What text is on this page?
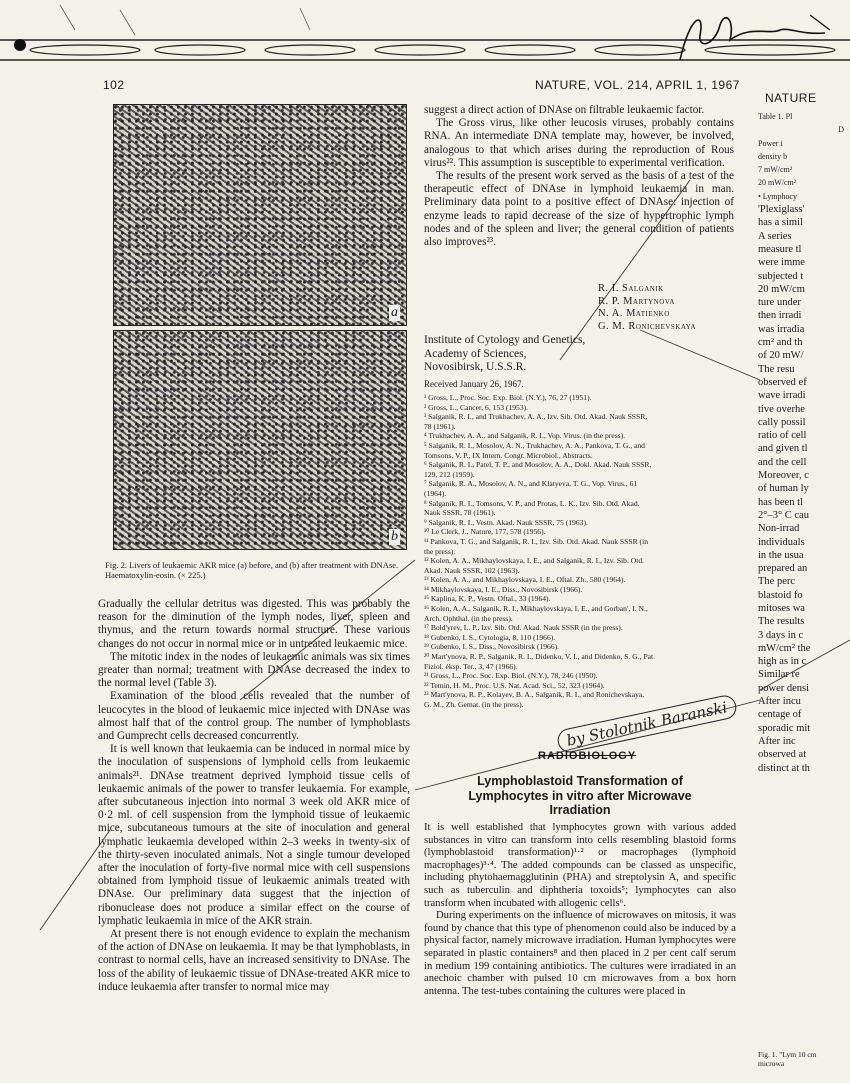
102	NATURE, VOL. 214, APRIL 1, 1967
NATURE
a
b
Fig. 2. Livers of leukaemic AKR mice (a) before, and (b) after treatment with DNAse. Haematoxylin-eosin. (× 225.)

Gradually the cellular detritus was digested. This was probably the reason for the diminution of the lymph nodes, liver, spleen and thymus, and the return towards normal structure. These various changes do not occur in normal mice or in untreated leukaemic mice.

The mitotic index in the nodes of leukaemic animals was six times greater than normal; treatment with DNAse decreased the index to the normal level (Table 3).

Examination of the blood cells revealed that the number of leucocytes in the blood of leukaemic mice injected with DNAse was almost half that of the control group. The number of lymphoblasts and Gumprecht cells decreased concurrently.

It is well known that leukaemia can be induced in normal mice by the inoculation of suspensions of lymphoid cells from leukaemic animals²¹. DNAse treatment deprived lymphoid tissue cells of leukaemic animals of the power to transfer leukaemia. For example, after subcutaneous injection into normal 3 week old AKR mice of 0·2 ml. of cell suspension from the lymphoid tissue of leukaemic mice, subcutaneous tumours at the site of inoculation and general lymphatic leukaemia developed within 2–3 weeks in twenty-six of the thirty-seven inoculated animals. Not a single tumour developed after the inoculation of forty-five normal mice with cell suspensions obtained from lymphoid tissue of leukaemic animals treated with DNAse. Our preliminary data suggest that the injection of ribonuclease does not produce a similar effect on the course of lymphatic leukaemia in mice of the AKR strain.

At present there is not enough evidence to explain the mechanism of the action of DNAse on leukaemia. It may be that lymphoblasts, in contrast to normal cells, have an increased sensitivity to DNAse. The loss of the ability of leukaemic tissue of DNAse-treated AKR mice to induce leukaemia after transfer to normal mice may

suggest a direct action of DNAse on filtrable leukaemic factor.

The Gross virus, like other leucosis viruses, probably contains RNA. An intermediate DNA template may, however, be involved, analogous to that which arises during the reproduction of Rous virus²². This assumption is susceptible to experimental verification.

The results of the present work served as the basis of a test of the therapeutic effect of DNAse in lymphoid leukaemia in man. Preliminary data point to a positive effect of DNAse: injection of enzyme leads to rapid decrease of the size of hypertrophic lymph nodes and of the spleen and liver; the general condition of patients also improves²³.

R. I. Salganik
R. P. Martynova
N. A. Matienko
G. M. Ronichevskaya
Institute of Cytology and Genetics,
Academy of Sciences,
Novosibirsk, U.S.S.R.
Received January 26, 1967.
¹ Gross, L., Proc. Soc. Exp. Biol. (N.Y.), 76, 27 (1951).
² Gross, L., Cancer, 6, 153 (1953).
³ Salganik, R. I., and Trukhachev, A. A., Izv. Sib. Otd. Akad. Nauk SSSR,
78 (1961).
⁴ Trukhachev, A. A., and Salganik, R. I., Vop. Virus. (in the press).
⁵ Salganik, R. I., Mosolov, A. N., Trukhachev, A. A., Pankova, T. G., and
Tomsons, V. P., IX Intern. Congr. Microbiol., Abstracts.
⁶ Salganik, R. I., Patel, T. P., and Mosolov, A. A., Dokl. Akad. Nauk SSSR,
129, 212 (1959).
⁷ Salganik, R. A., Mosolov, A. N., and Klatyeva, T. G., Vop. Virus., 61
(1964).
⁸ Salganik, R. I., Tomsons, V. P., and Protas, L. K., Izv. Sib. Otd. Akad.
Nauk SSSR, 78 (1961).
⁹ Salganik, R. I., Vestn. Akad. Nauk SSSR, 75 (1963).
¹⁰ Le Clerk, J., Nature, 177, 578 (1956).
¹¹ Pankova, T. G., and Salganik, R. I., Izv. Sib. Otd. Akad. Nauk SSSR (in
the press).
¹² Kolen, A. A., Mikhaylovskaya, I. E., and Salganik, R. I., Izv. Sib. Otd.
Akad. Nauk SSSR, 102 (1963).
¹³ Kolen, A. A., and Mikhaylovskaya, I. E., Oftal. Zh., 580 (1964).
¹⁴ Mikhaylovskaya, I. E., Diss., Novosibirsk (1966).
¹⁵ Kaplina, K. P., Vestn. Oftal., 33 (1964).
¹⁶ Kolen, A. A., Salganik, R. I., Mikhaylovskaya, I. E., and Gorban', I. N.,
Arch. Ophthal. (in the press).
¹⁷ Bold'yrev, L. P., Izv. Sib. Otd. Akad. Nauk SSSR (in the press).
¹⁸ Gubenko, I. S., Cytologia, 8, 110 (1966).
¹⁹ Gubenko, I. S., Diss., Novosibirsk (1966).
²⁰ Mart'ynova, R. P., Salganik, R. I., Didenko, V. I., and Didenko, S. G., Pat.
Fiziol. éksp. Ter., 3, 47 (1966).
²¹ Gross, L., Proc. Soc. Exp. Biol. (N.Y.), 78, 246 (1950).
²² Temin, H. M., Proc. U.S. Nat. Acad. Sci., 52, 323 (1964).
²³ Mart'ynova, R. P., Kolayev, B. A., Salganik, R. I., and Ronichevskaya,
G. M., Zh. Gemat. (in the press).	by Stolotnik Baranski
RADIOBIOLOGY
Lymphoblastoid Transformation of
Lymphocytes in vitro after Microwave
Irradiation

It is well established that lymphocytes grown with various added substances in vitro can transform into cells resembling blastoid forms (lymphoblastoid transformation)¹·² or macrophages (lymphoid macrophages)³·⁴. The added compounds can be classed as unspecific, including phytohaemagglutinin (PHA) and streptolysin A, and specific such as tuberculin and diphtheria toxoids⁵; lymphocytes can also transform when incubated with allogenic cells⁶.

During experiments on the influence of microwaves on mitosis, it was found by chance that this type of phenomenon could also be induced by a physical factor, namely microwave irradiation. Human lymphocytes were separated in plastic containers⁸ and then placed in 2 per cent calf serum in medium 199 containing antibiotics. The cultures were irradiated in an anechoic chamber with pulsed 10 cm microwaves from a box horn antenna. The test-tubes containing the cultures were placed in

Table 1. Pl
D
Power i
density b
7 mW/cm²
20 mW/cm²
• Lymphocy
'Plexiglass'
has a simil
A series
measure tl
were imme
subjected t
20 mW/cm
ture under
then irradi
was irradia
cm² and th
of 20 mW/
The resu
observed ef
wave irradi
tive overhe
cally possil
ratio of cell
and given tl
and the cell
Moreover, c
of human ly
has been tl
2°–3° C cau
Non-irrad
individuals
in the usua
prepared an
The perc
blastoid fo
mitoses wa
The results
3 days in c
mW/cm² the
high as in c
Similar re
power densi
After incu
centage of
sporadic mit
After inc
observed at
distinct at th
Fig. 1. "Lym 10 cm microwa
